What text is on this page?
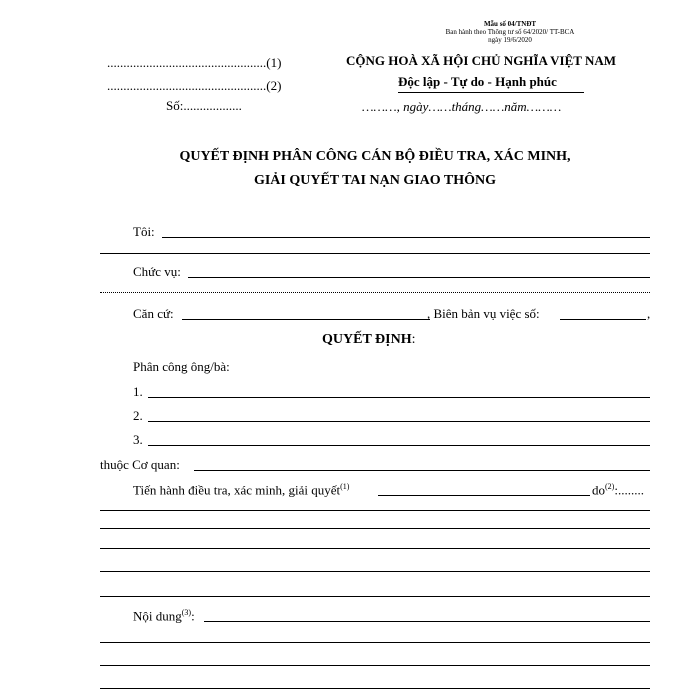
Mẫu số 04/TNĐT
Ban hành theo Thông tư số 64/2020/ TT-BCA
ngày 19/6/2020
.................................................(1)
.................................................(2)
Số:..................
CỘNG HOÀ XÃ HỘI CHỦ NGHĨA VIỆT NAM
Độc lập - Tự do - Hạnh phúc
………, ngày……tháng……năm………
QUYẾT ĐỊNH PHÂN CÔNG CÁN BỘ ĐIỀU TRA, XÁC MINH,
GIẢI QUYẾT TAI NẠN GIAO THÔNG
Tôi:
Chức vụ:
Căn cứ:	, Biên bản vụ việc số:	,
QUYẾT ĐỊNH:
Phân công ông/bà:
1.
2.
3.
thuộc Cơ quan:
Tiến hành điều tra, xác minh, giải quyết$^{(1)}$	$do^{(2)}$:........
Nội dung$^{(3)}$:
